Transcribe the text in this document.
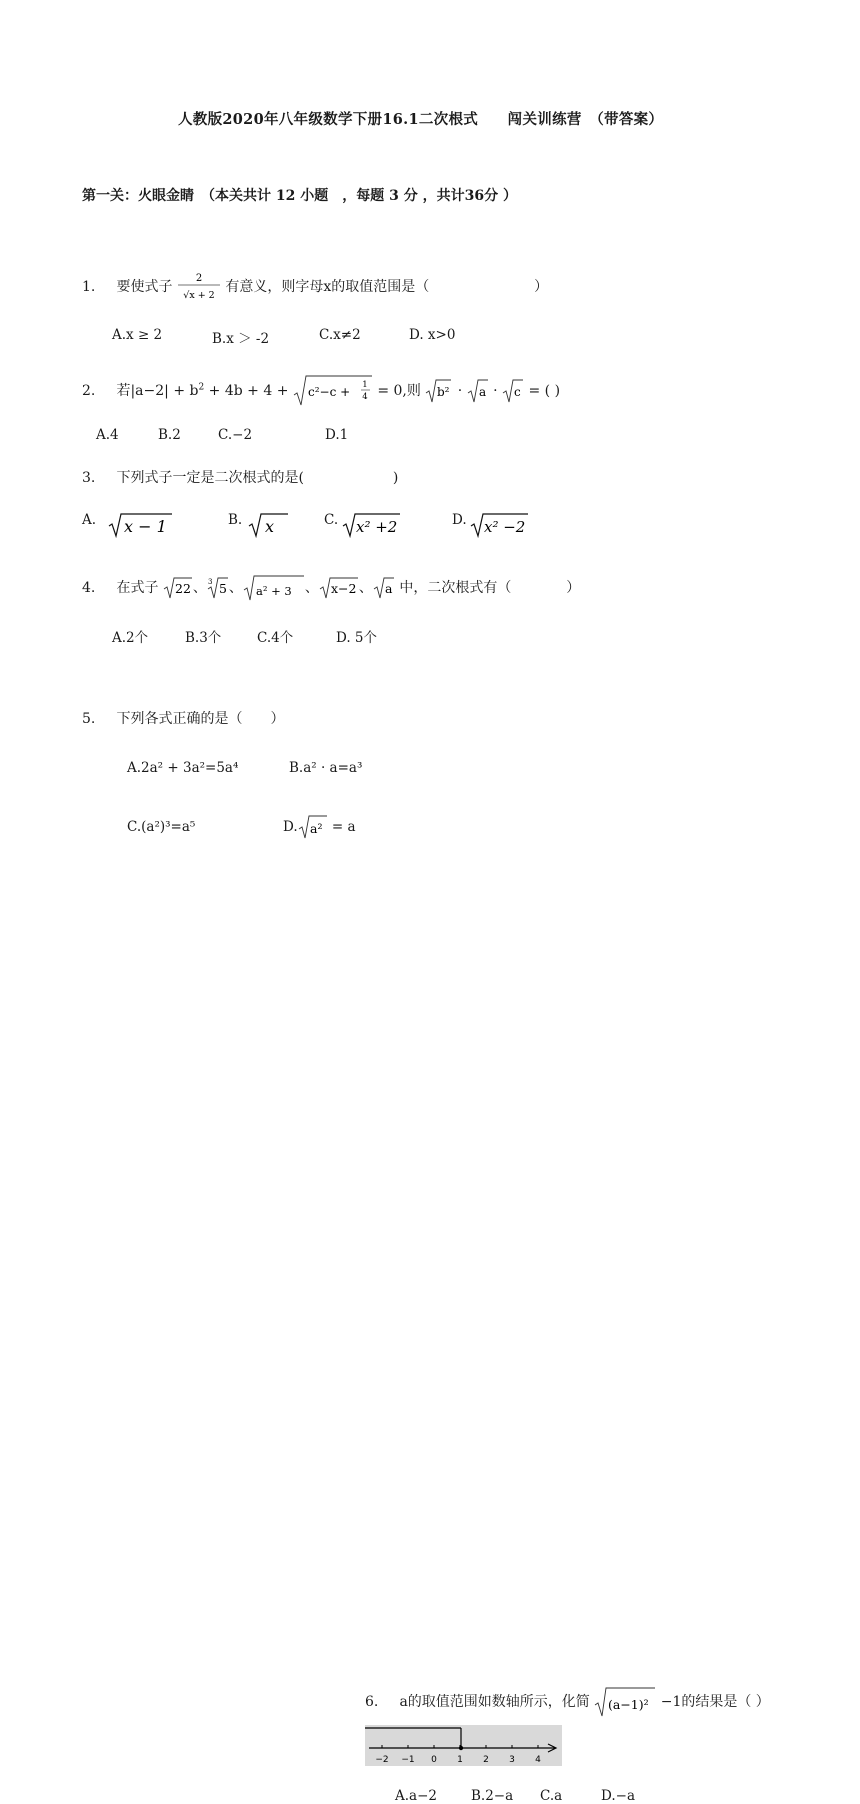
人教版2020年八年级数学下册16.1二次根式　　闯关训练营　（带答案）
第一关：火眼金睛　（本关共计 12 小题　，每题 3 分 ，共计36分 ）
1. 要使式子
2
√x + 2
有意义，则字母x的取值范围是（	）
A.x ≥ 2	B.x ＞ -2	C.x≠2	D. x>0
2. 若$|a-2| + b^2 + 4b + 4 + c^2-c + 1$
4 = 0,则 b² · a · c = ( )
A.4	B.2	C.−2	D.1
3. 下列式子一定是二次根式的是(	)
A. x − 1	B. x	C. x² +2	D. x² −2
4. 在式子 22 、 3 5 、 a² + 3 、 x−2 、 a 中，二次根式有（	）
A.2个	B.3个	C.4个	D. 5个
5. 下列各式正确的是（　　）
A.2a² + 3a²=5a⁴	B.a² · a=a³
C.(a²)³=a⁵	D. a² = a
6. a的取值范围如数轴所示，化简 (a−1)² −1的结果是（ ）
−2 −1 0 1 2 3 4
A.a−2	B.2−a C.a	D.−a
